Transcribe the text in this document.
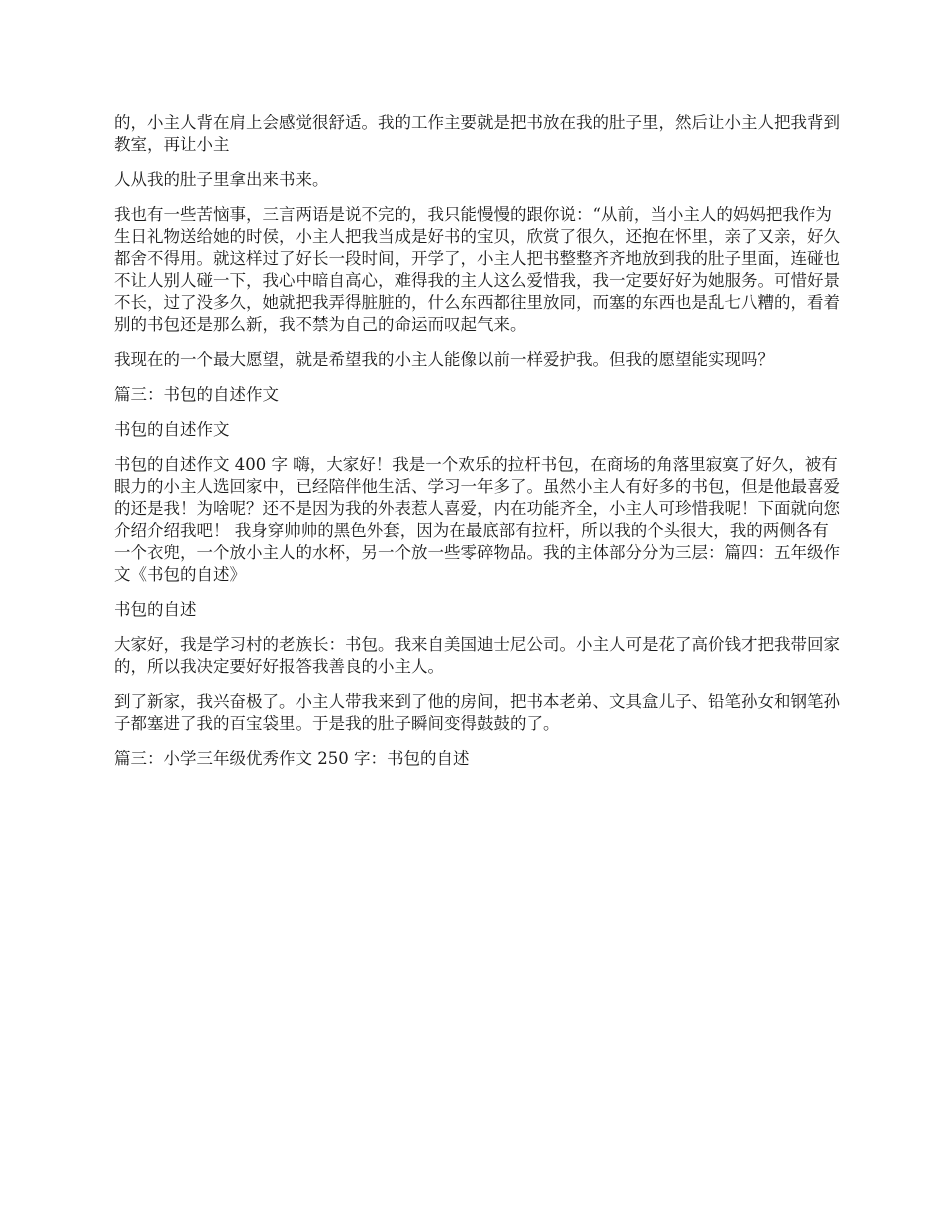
的，小主人背在肩上会感觉很舒适。我的工作主要就是把书放在我的肚子里，然后让小主人把我背到教室，再让小主

人从我的肚子里拿出来书来。

我也有一些苦恼事，三言两语是说不完的，我只能慢慢的跟你说：“从前，当小主人的妈妈把我作为生日礼物送给她的时侯，小主人把我当成是好书的宝贝，欣赏了很久，还抱在怀里，亲了又亲，好久都舍不得用。就这样过了好长一段时间，开学了，小主人把书整整齐齐地放到我的肚子里面，连碰也不让人别人碰一下，我心中暗自高心，难得我的主人这么爱惜我，我一定要好好为她服务。可惜好景不长，过了没多久，她就把我弄得脏脏的，什么东西都往里放同，而塞的东西也是乱七八糟的，看着别的书包还是那么新，我不禁为自己的命运而叹起气来。

我现在的一个最大愿望，就是希望我的小主人能像以前一样爱护我。但我的愿望能实现吗？

篇三：书包的自述作文

书包的自述作文

书包的自述作文 400 字 嗨，大家好！我是一个欢乐的拉杆书包，在商场的角落里寂寞了好久，被有眼力的小主人选回家中，已经陪伴他生活、学习一年多了。虽然小主人有好多的书包，但是他最喜爱的还是我！为啥呢？还不是因为我的外表惹人喜爱，内在功能齐全，小主人可珍惜我呢！下面就向您介绍介绍我吧！ 我身穿帅帅的黑色外套，因为在最底部有拉杆，所以我的个头很大，我的两侧各有一个衣兜，一个放小主人的水杯，另一个放一些零碎物品。我的主体部分分为三层：篇四：五年级作文《书包的自述》

书包的自述

大家好，我是学习村的老族长：书包。我来自美国迪士尼公司。小主人可是花了高价钱才把我带回家的，所以我决定要好好报答我善良的小主人。

到了新家，我兴奋极了。小主人带我来到了他的房间，把书本老弟、文具盒儿子、铅笔孙女和钢笔孙子都塞进了我的百宝袋里。于是我的肚子瞬间变得鼓鼓的了。

篇三：小学三年级优秀作文 250 字：书包的自述
